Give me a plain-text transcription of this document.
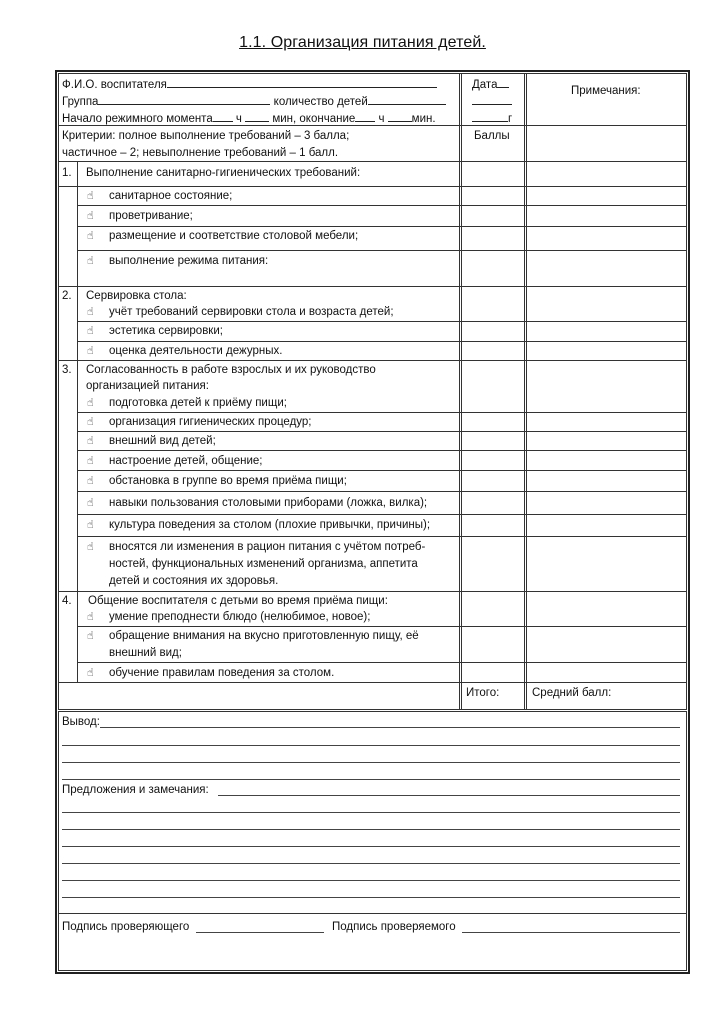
1.1. Организация питания детей.
Ф.И.О. воспитателя
Группа	количество детей
Начало режимного момента ч	мин, окончание ч мин.
Дата
г
Примечания:
Критерии: полное выполнение требований – 3 балла;
частичное – 2; невыполнение требований – 1 балл.
Баллы
1. Выполнение санитарно-гигиенических требований:
☝ санитарное состояние;
☝ проветривание;
☝ размещение и соответствие столовой мебели;
☝ выполнение режима питания:
2. Сервировка стола:
☝ учёт требований сервировки стола и возраста детей;
☝ эстетика сервировки;
☝ оценка деятельности дежурных.
3. Согласованность в работе взрослых и их руководство
организацией питания:
☝ подготовка детей к приёму пищи;
☝ организация гигиенических процедур;
☝ внешний вид детей;
☝ настроение детей, общение;
☝ обстановка в группе во время приёма пищи;
☝ навыки пользования столовыми приборами (ложка, вилка);
☝ культура поведения за столом (плохие привычки, причины);
☝ вносятся ли изменения в рацион питания с учётом потреб-
ностей, функциональных изменений организма, аппетита
детей и состояния их здоровья.
4. Общение воспитателя с детьми во время приёма пищи:
☝ умение преподнести блюдо (нелюбимое, новое);
☝ обращение внимания на вкусно приготовленную пищу, её
внешний вид;
☝ обучение правилам поведения за столом.
Итого:	Средний балл:
Вывод:
Предложения и замечания:
Подпись проверяющего	Подпись проверяемого
